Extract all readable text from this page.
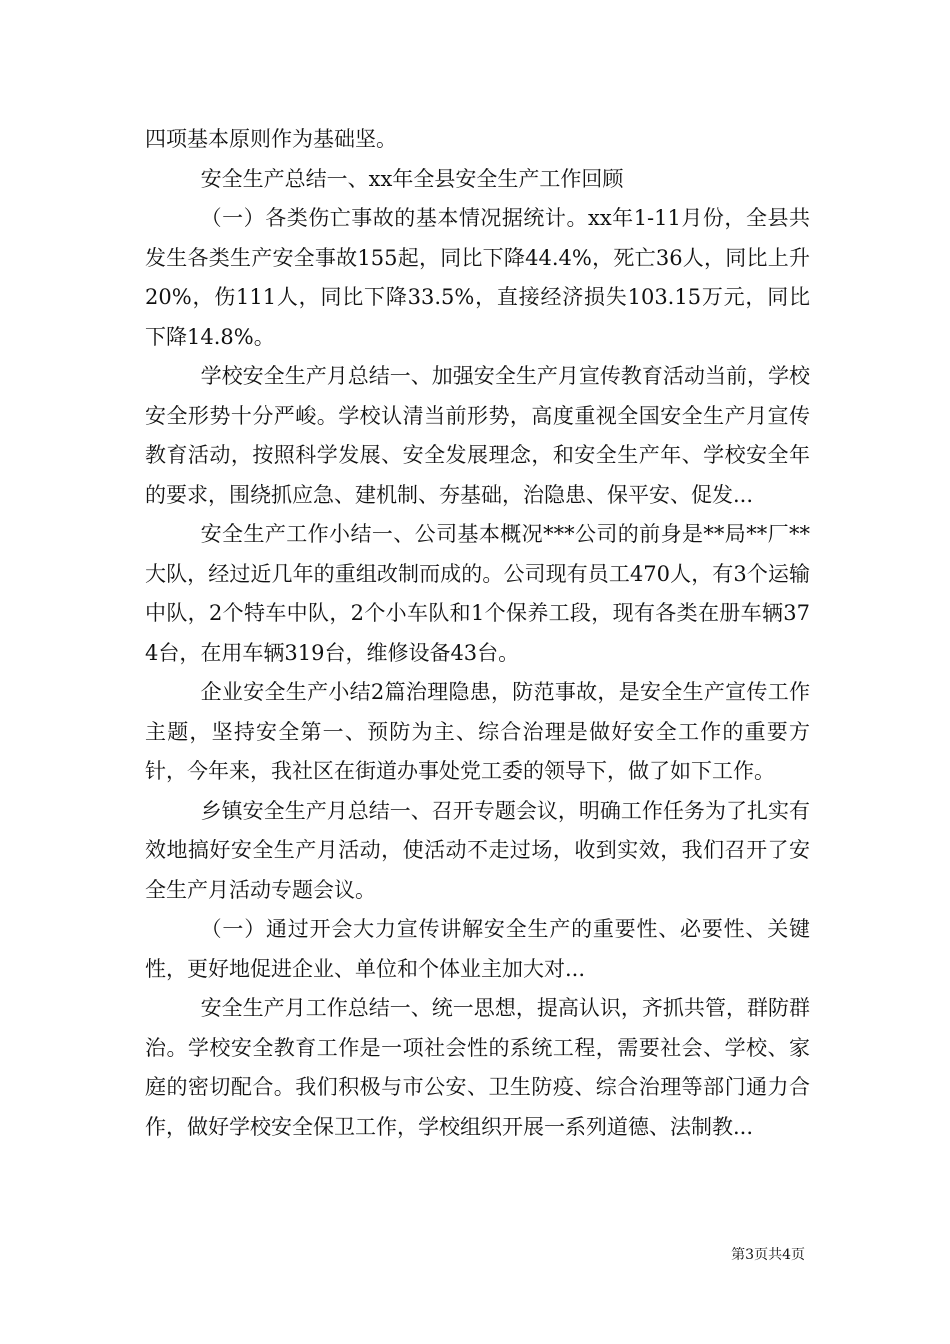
四项基本原则作为基础坚。

安全生产总结一、xx年全县安全生产工作回顾

（一）各类伤亡事故的基本情况据统计。xx年1-11月份，全县共发生各类生产安全事故155起，同比下降44.4%，死亡36人，同比上升20%，伤111人，同比下降33.5%，直接经济损失103.15万元，同比下降14.8%。

学校安全生产月总结一、加强安全生产月宣传教育活动当前，学校安全形势十分严峻。学校认清当前形势，高度重视全国安全生产月宣传教育活动，按照科学发展、安全发展理念，和安全生产年、学校安全年的要求，围绕抓应急、建机制、夯基础，治隐患、保平安、促发...

安全生产工作小结一、公司基本概况***公司的前身是**局**厂**大队，经过近几年的重组改制而成的。公司现有员工470人，有3个运输中队，2个特车中队，2个小车队和1个保养工段，现有各类在册车辆374台，在用车辆319台，维修设备43台。

企业安全生产小结2篇治理隐患，防范事故，是安全生产宣传工作主题，坚持安全第一、预防为主、综合治理是做好安全工作的重要方针，今年来，我社区在街道办事处党工委的领导下，做了如下工作。

乡镇安全生产月总结一、召开专题会议，明确工作任务为了扎实有效地搞好安全生产月活动，使活动不走过场，收到实效，我们召开了安全生产月活动专题会议。

（一）通过开会大力宣传讲解安全生产的重要性、必要性、关键性，更好地促进企业、单位和个体业主加大对...

安全生产月工作总结一、统一思想，提高认识，齐抓共管，群防群治。学校安全教育工作是一项社会性的系统工程，需要社会、学校、家庭的密切配合。我们积极与市公安、卫生防疫、综合治理等部门通力合作，做好学校安全保卫工作，学校组织开展一系列道德、法制教...

第3页共4页
